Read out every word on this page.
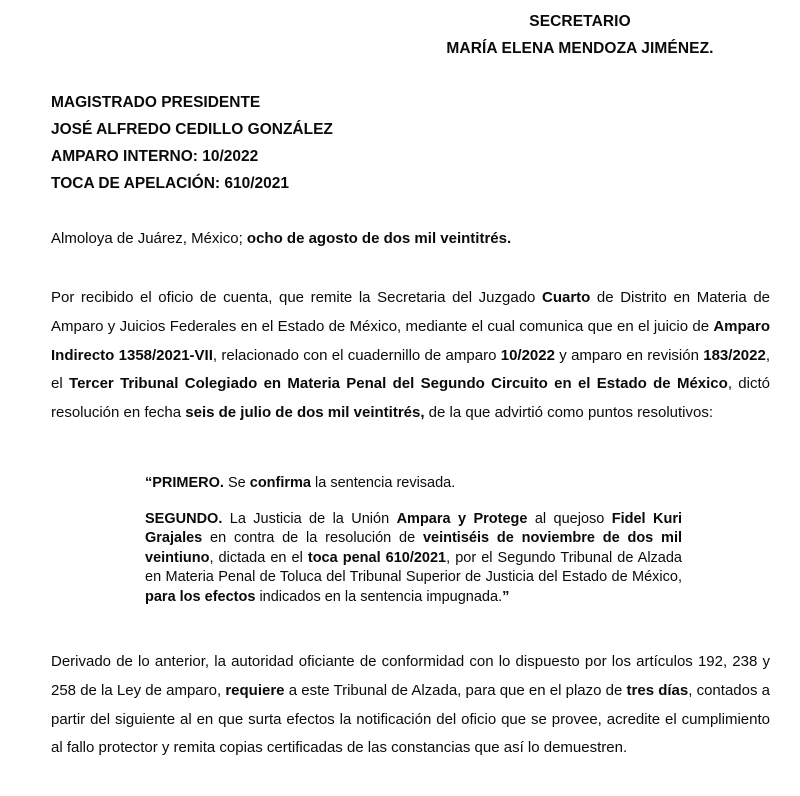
SECRETARIO
MARÍA ELENA MENDOZA JIMÉNEZ.
MAGISTRADO PRESIDENTE
JOSÉ ALFREDO CEDILLO GONZÁLEZ
AMPARO INTERNO: 10/2022
TOCA DE APELACIÓN: 610/2021
Almoloya de Juárez, México; ocho de agosto de dos mil veintitrés.
Por recibido el oficio de cuenta, que remite la Secretaria del Juzgado Cuarto de Distrito en Materia de Amparo y Juicios Federales en el Estado de México, mediante el cual comunica que en el juicio de Amparo Indirecto 1358/2021-VII, relacionado con el cuadernillo de amparo 10/2022 y amparo en revisión 183/2022, el Tercer Tribunal Colegiado en Materia Penal del Segundo Circuito en el Estado de México, dictó resolución en fecha seis de julio de dos mil veintitrés, de la que advirtió como puntos resolutivos:

“PRIMERO. Se confirma la sentencia revisada.

SEGUNDO. La Justicia de la Unión Ampara y Protege al quejoso Fidel Kuri Grajales en contra de la resolución de veintiséis de noviembre de dos mil veintiuno, dictada en el toca penal 610/2021, por el Segundo Tribunal de Alzada en Materia Penal de Toluca del Tribunal Superior de Justicia del Estado de México, para los efectos indicados en la sentencia impugnada.”

Derivado de lo anterior, la autoridad oficiante de conformidad con lo dispuesto por los artículos 192, 238 y 258 de la Ley de amparo, requiere a este Tribunal de Alzada, para que en el plazo de tres días, contados a partir del siguiente al en que surta efectos la notificación del oficio que se provee, acredite el cumplimiento al fallo protector y remita copias certificadas de las constancias que así lo demuestren.
